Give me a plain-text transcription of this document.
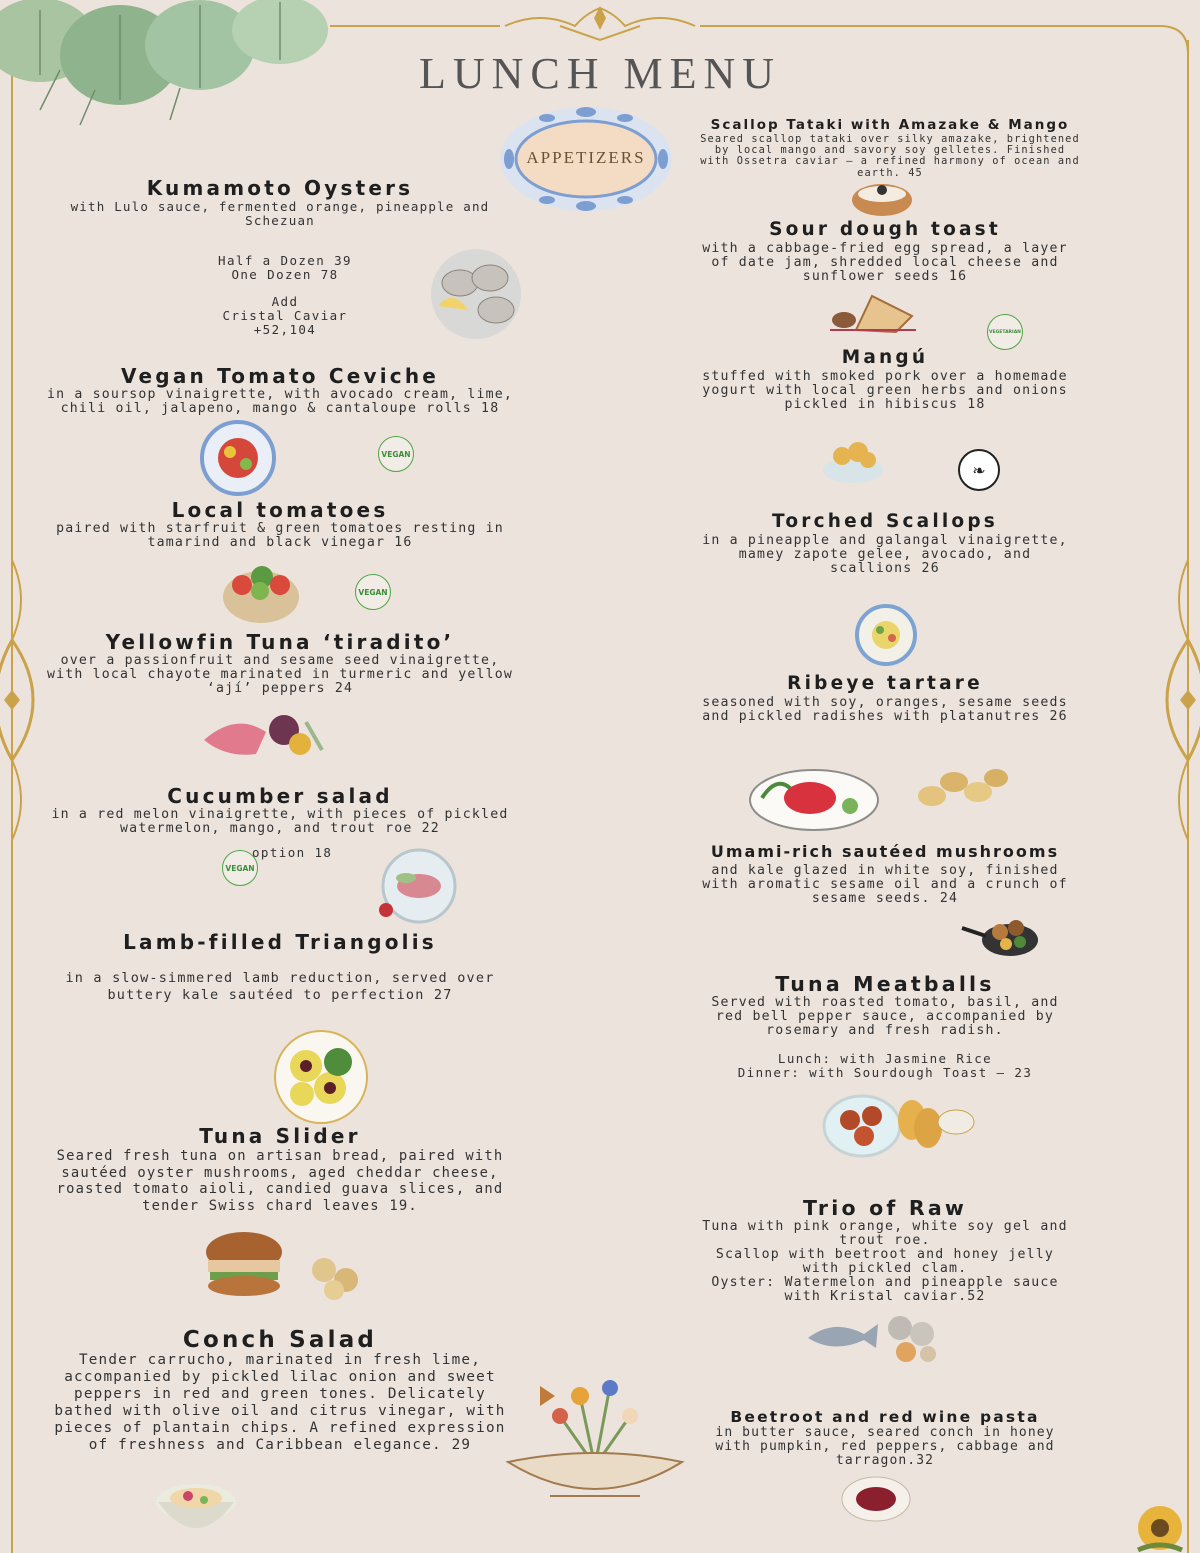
LUNCH MENU
APPETIZERS
Kumamoto Oysters

with Lulo sauce, fermented orange, pineapple and Schezuan

Half a Dozen 39
One Dozen 78
Add
Cristal Caviar
+52,104
Vegan Tomato Ceviche

in a soursop vinaigrette, with avocado cream, lime, chili oil, jalapeno, mango & cantaloupe rolls 18

VEGAN
Local tomatoes

paired with starfruit & green tomatoes resting in tamarind and black vinegar 16

VEGAN
Yellowfin Tuna ‘tiradito’

over a passionfruit and sesame seed vinaigrette, with local chayote marinated in turmeric and yellow ‘ají’ peppers 24

Cucumber salad

in a red melon vinaigrette, with pieces of pickled watermelon, mango, and trout roe 22

VEGAN
option 18
Lamb-filled Triangolis

in a slow-simmered lamb reduction, served over buttery kale sautéed to perfection 27

Tuna Slider

Seared fresh tuna on artisan bread, paired with sautéed oyster mushrooms, aged cheddar cheese, roasted tomato aioli, candied guava slices, and tender Swiss chard leaves 19.

Conch Salad

Tender carrucho, marinated in fresh lime, accompanied by pickled lilac onion and sweet peppers in red and green tones. Delicately bathed with olive oil and citrus vinegar, with pieces of plantain chips. A refined expression of freshness and Caribbean elegance. 29

Scallop Tataki with Amazake & Mango

Seared scallop tataki over silky amazake, brightened by local mango and savory soy gelletes. Finished with Ossetra caviar — a refined harmony of ocean and earth. 45

Sour dough toast

with a cabbage-fried egg spread, a layer of date jam, shredded local cheese and sunflower seeds 16

VEGETARIAN
Mangú

stuffed with smoked pork over a homemade yogurt with local green herbs and onions pickled in hibiscus 18

❧
Torched Scallops

in a pineapple and galangal vinaigrette, mamey zapote gelee, avocado, and scallions 26

Ribeye tartare

seasoned with soy, oranges, sesame seeds and pickled radishes with platanutres 26

Umami-rich sautéed mushrooms

and kale glazed in white soy, finished with aromatic sesame oil and a crunch of sesame seeds. 24

Tuna Meatballs

Served with roasted tomato, basil, and red bell pepper sauce, accompanied by rosemary and fresh radish.

Lunch: with Jasmine Rice
Dinner: with Sourdough Toast — 23
Trio of Raw

Tuna with pink orange, white soy gel and trout roe.
Scallop with beetroot and honey jelly with pickled clam.
Oyster: Watermelon and pineapple sauce with Kristal caviar.52

Beetroot and red wine pasta

in butter sauce, seared conch in honey with pumpkin, red peppers, cabbage and tarragon.32
